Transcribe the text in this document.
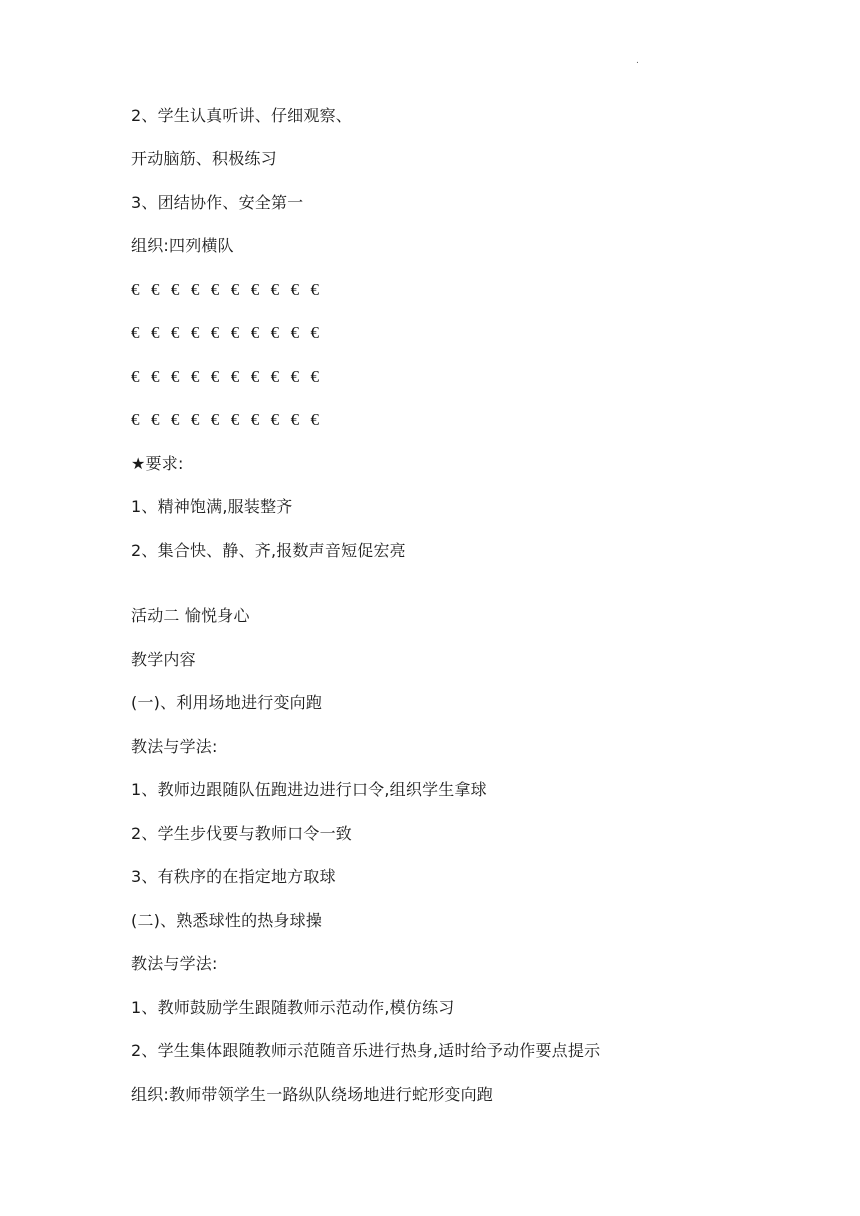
.
2、学生认真听讲、仔细观察、
开动脑筋、积极练习
3、团结协作、安全第一
组织:四列横队
€ € € € € € € € € €
€ € € € € € € € € €
€ € € € € € € € € €
€ € € € € € € € € €
★要求:
1、精神饱满,服装整齐
2、集合快、静、齐,报数声音短促宏亮
活动二 愉悦身心
教学内容
(一)、利用场地进行变向跑
教法与学法:
1、教师边跟随队伍跑进边进行口令,组织学生拿球
2、学生步伐要与教师口令一致
3、有秩序的在指定地方取球
(二)、熟悉球性的热身球操
教法与学法:
1、教师鼓励学生跟随教师示范动作,模仿练习
2、学生集体跟随教师示范随音乐进行热身,适时给予动作要点提示
组织:教师带领学生一路纵队绕场地进行蛇形变向跑
